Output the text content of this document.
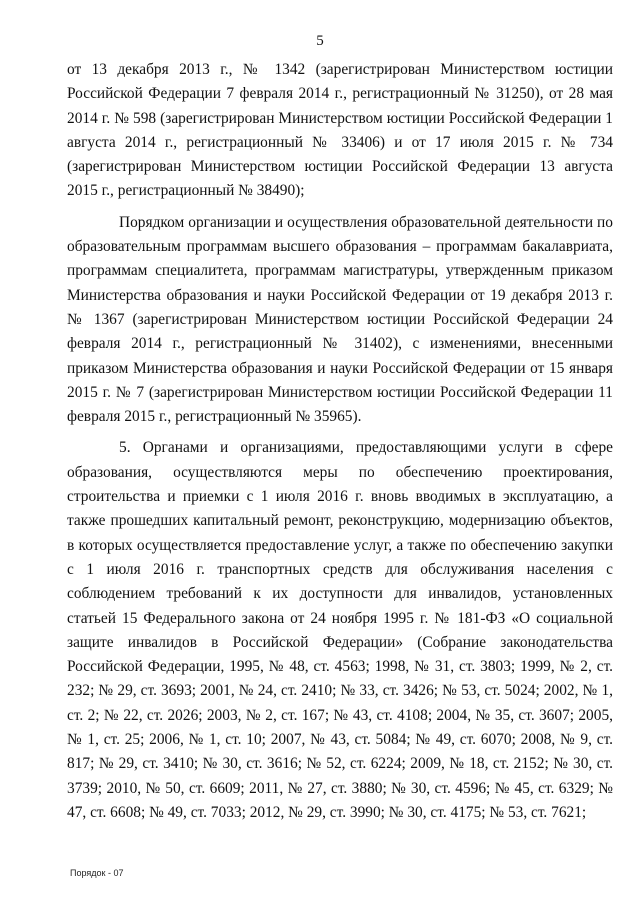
5

от 13 декабря 2013 г., № 1342 (зарегистрирован Министерством юстиции Российской Федерации 7 февраля 2014 г., регистрационный № 31250), от 28 мая 2014 г. № 598 (зарегистрирован Министерством юстиции Российской Федерации 1 августа 2014 г., регистрационный № 33406) и от 17 июля 2015 г. № 734 (зарегистрирован Министерством юстиции Российской Федерации 13 августа 2015 г., регистрационный № 38490);

Порядком организации и осуществления образовательной деятельности по образовательным программам высшего образования – программам бакалавриата, программам специалитета, программам магистратуры, утвержденным приказом Министерства образования и науки Российской Федерации от 19 декабря 2013 г. № 1367 (зарегистрирован Министерством юстиции Российской Федерации 24 февраля 2014 г., регистрационный № 31402), с изменениями, внесенными приказом Министерства образования и науки Российской Федерации от 15 января 2015 г. № 7 (зарегистрирован Министерством юстиции Российской Федерации 11 февраля 2015 г., регистрационный № 35965).

5. Органами и организациями, предоставляющими услуги в сфере образования, осуществляются меры по обеспечению проектирования, строительства и приемки с 1 июля 2016 г. вновь вводимых в эксплуатацию, а также прошедших капитальный ремонт, реконструкцию, модернизацию объектов, в которых осуществляется предоставление услуг, а также по обеспечению закупки с 1 июля 2016 г. транспортных средств для обслуживания населения с соблюдением требований к их доступности для инвалидов, установленных статьей 15 Федерального закона от 24 ноября 1995 г. № 181-ФЗ «О социальной защите инвалидов в Российской Федерации» (Собрание законодательства Российской Федерации, 1995, № 48, ст. 4563; 1998, № 31, ст. 3803; 1999, № 2, ст. 232; № 29, ст. 3693; 2001, № 24, ст. 2410; № 33, ст. 3426; № 53, ст. 5024; 2002, № 1, ст. 2; № 22, ст. 2026; 2003, № 2, ст. 167; № 43, ст. 4108; 2004, № 35, ст. 3607; 2005, № 1, ст. 25; 2006, № 1, ст. 10; 2007, № 43, ст. 5084; № 49, ст. 6070; 2008, № 9, ст. 817; № 29, ст. 3410; № 30, ст. 3616; № 52, ст. 6224; 2009, № 18, ст. 2152; № 30, ст. 3739; 2010, № 50, ст. 6609; 2011, № 27, ст. 3880; № 30, ст. 4596; № 45, ст. 6329; № 47, ст. 6608; № 49, ст. 7033; 2012, № 29, ст. 3990; № 30, ст. 4175; № 53, ст. 7621;

Порядок - 07
